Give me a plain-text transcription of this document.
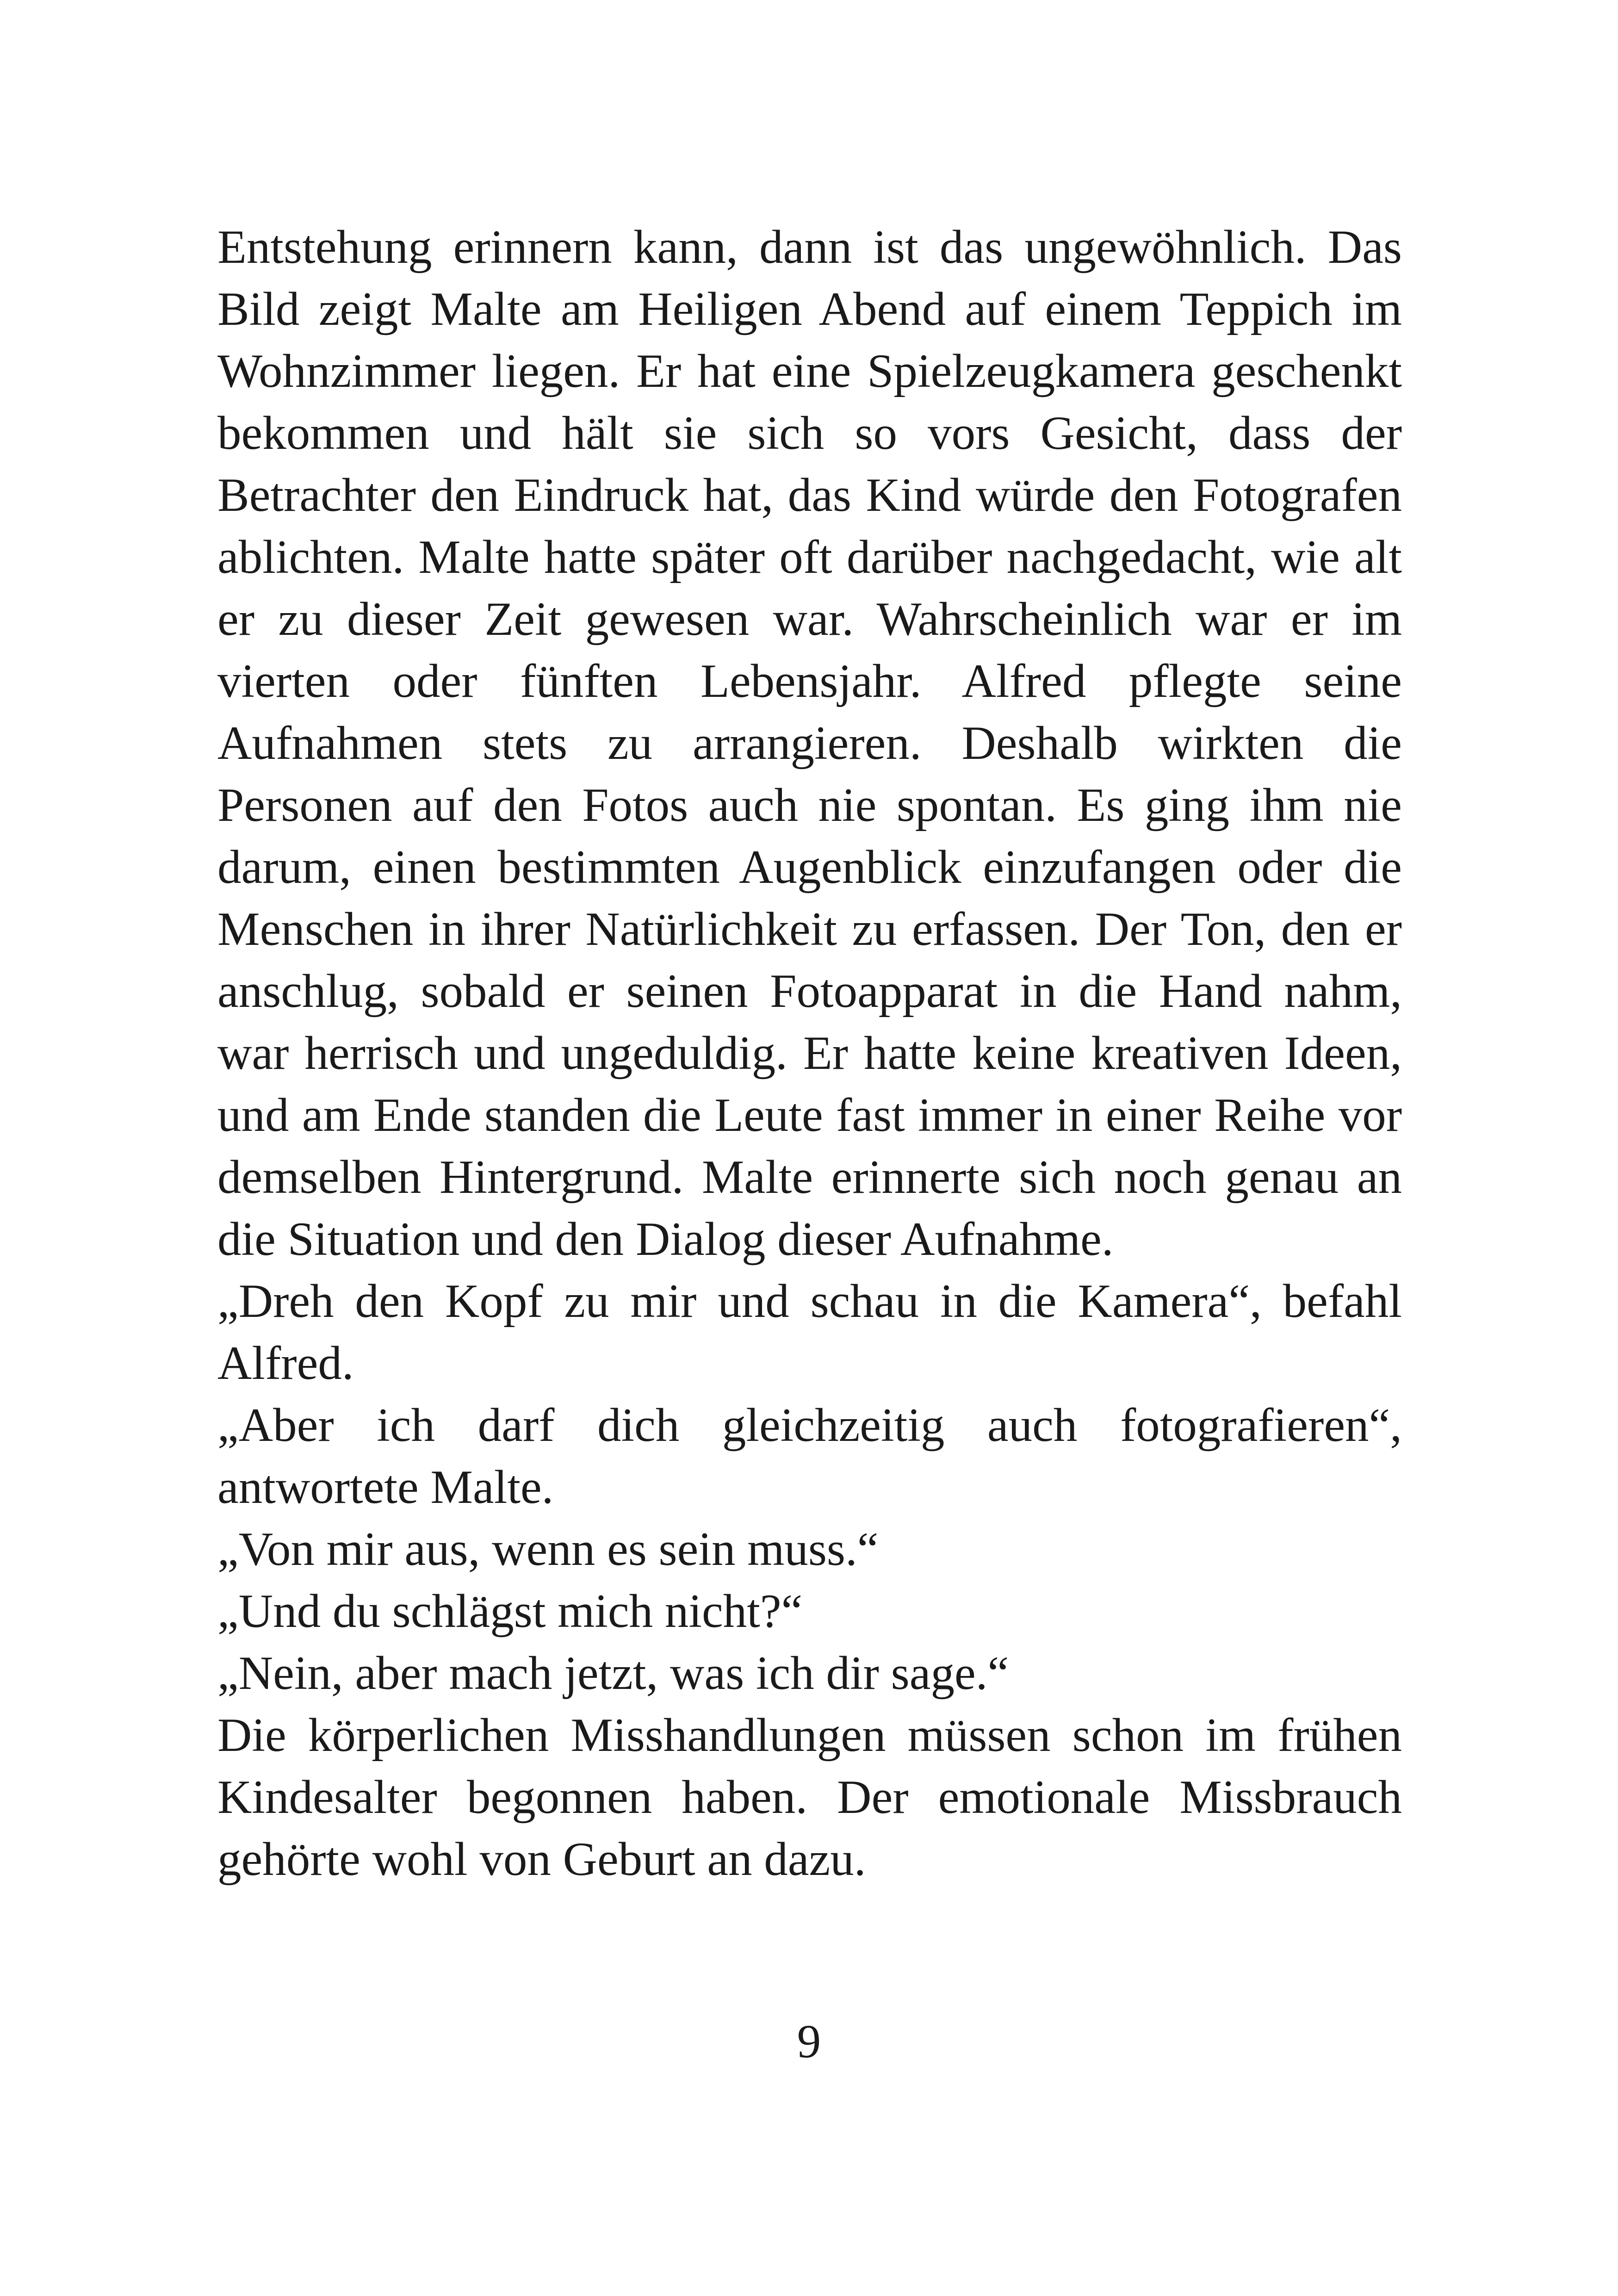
Entstehung erinnern kann, dann ist das ungewöhnlich. Das Bild zeigt Malte am Heiligen Abend auf einem Teppich im Wohnzimmer liegen. Er hat eine Spielzeugkamera geschenkt bekommen und hält sie sich so vors Gesicht, dass der Betrachter den Eindruck hat, das Kind würde den Fotografen ablichten. Malte hatte später oft darüber nachgedacht, wie alt er zu dieser Zeit gewesen war. Wahrscheinlich war er im vierten oder fünften Lebensjahr. Alfred pflegte seine Aufnahmen stets zu arrangieren. Deshalb wirkten die Personen auf den Fotos auch nie spontan. Es ging ihm nie darum, einen bestimmten Augenblick einzufangen oder die Menschen in ihrer Natürlichkeit zu erfassen. Der Ton, den er anschlug, sobald er seinen Fotoapparat in die Hand nahm, war herrisch und ungeduldig. Er hatte keine kreativen Ideen, und am Ende standen die Leute fast immer in einer Reihe vor demselben Hintergrund. Malte erinnerte sich noch genau an die Situation und den Dialog dieser Aufnahme.

„Dreh den Kopf zu mir und schau in die Kamera“, befahl Alfred.

„Aber ich darf dich gleichzeitig auch fotografieren“, antwortete Malte.

„Von mir aus, wenn es sein muss.“

„Und du schlägst mich nicht?“

„Nein, aber mach jetzt, was ich dir sage.“

Die körperlichen Misshandlungen müssen schon im frühen Kindesalter begonnen haben. Der emotionale Missbrauch gehörte wohl von Geburt an dazu.

9
